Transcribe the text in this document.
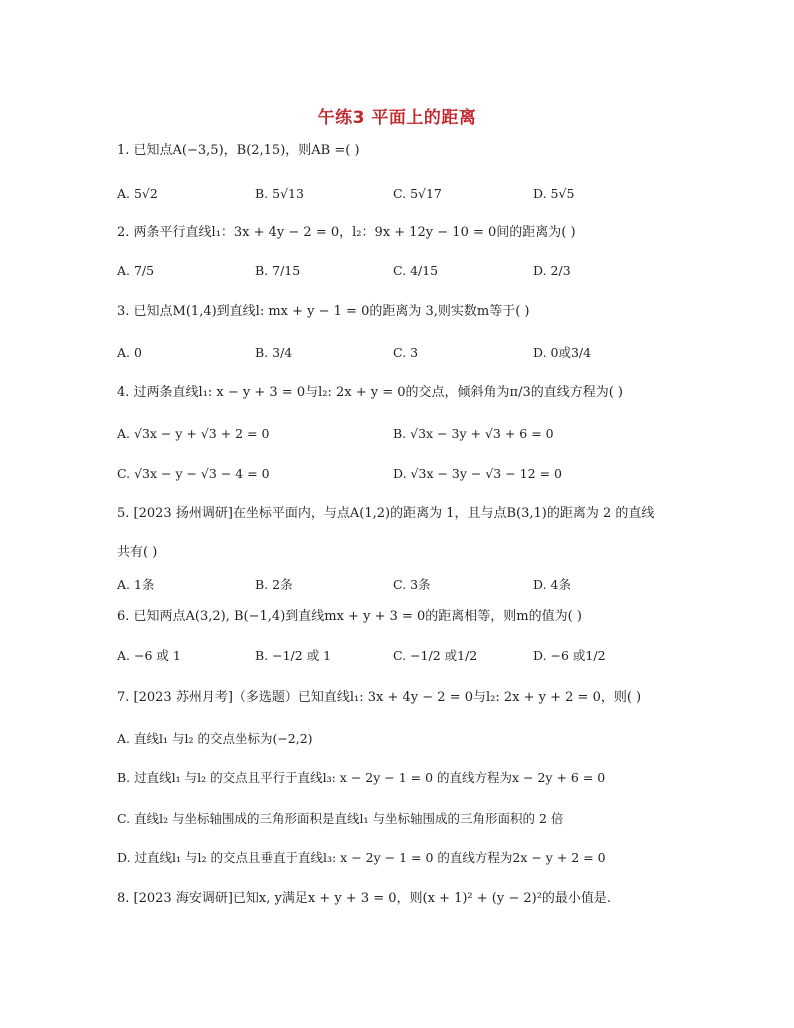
午练3 平面上的距离
1. 已知点A(−3,5)，B(2,15)，则AB =( )
A. 5√2	B. 5√13	C. 5√17	D. 5√5
2. 两条平行直线l₁：3x + 4y − 2 = 0，l₂：9x + 12y − 10 = 0间的距离为( )
A. 7/5	B. 7/15	C. 4/15	D. 2/3
3. 已知点M(1,4)到直线l: mx + y − 1 = 0的距离为 3,则实数m等于( )
A. 0	B. 3/4	C. 3	D. 0或3/4
4. 过两条直线l₁: x − y + 3 = 0与l₂: 2x + y = 0的交点，倾斜角为π/3的直线方程为( )
A. √3x − y + √3 + 2 = 0	B. √3x − 3y + √3 + 6 = 0
C. √3x − y − √3 − 4 = 0	D. √3x − 3y − √3 − 12 = 0
5. [2023 扬州调研]在坐标平面内，与点A(1,2)的距离为 1，且与点B(3,1)的距离为 2 的直线
共有( )
A. 1条	B. 2条	C. 3条	D. 4条
6. 已知两点A(3,2), B(−1,4)到直线mx + y + 3 = 0的距离相等，则m的值为( )
A. −6 或 1	B. −1/2 或 1	C. −1/2 或1/2	D. −6 或1/2
7. [2023 苏州月考]（多选题）已知直线l₁: 3x + 4y − 2 = 0与l₂: 2x + y + 2 = 0，则( )
A. 直线l₁ 与l₂ 的交点坐标为(−2,2)
B. 过直线l₁ 与l₂ 的交点且平行于直线l₃: x − 2y − 1 = 0 的直线方程为x − 2y + 6 = 0
C. 直线l₂ 与坐标轴围成的三角形面积是直线l₁ 与坐标轴围成的三角形面积的 2 倍
D. 过直线l₁ 与l₂ 的交点且垂直于直线l₃: x − 2y − 1 = 0 的直线方程为2x − y + 2 = 0
8. [2023 海安调研]已知x, y满足x + y + 3 = 0，则(x + 1)² + (y − 2)²的最小值是.
